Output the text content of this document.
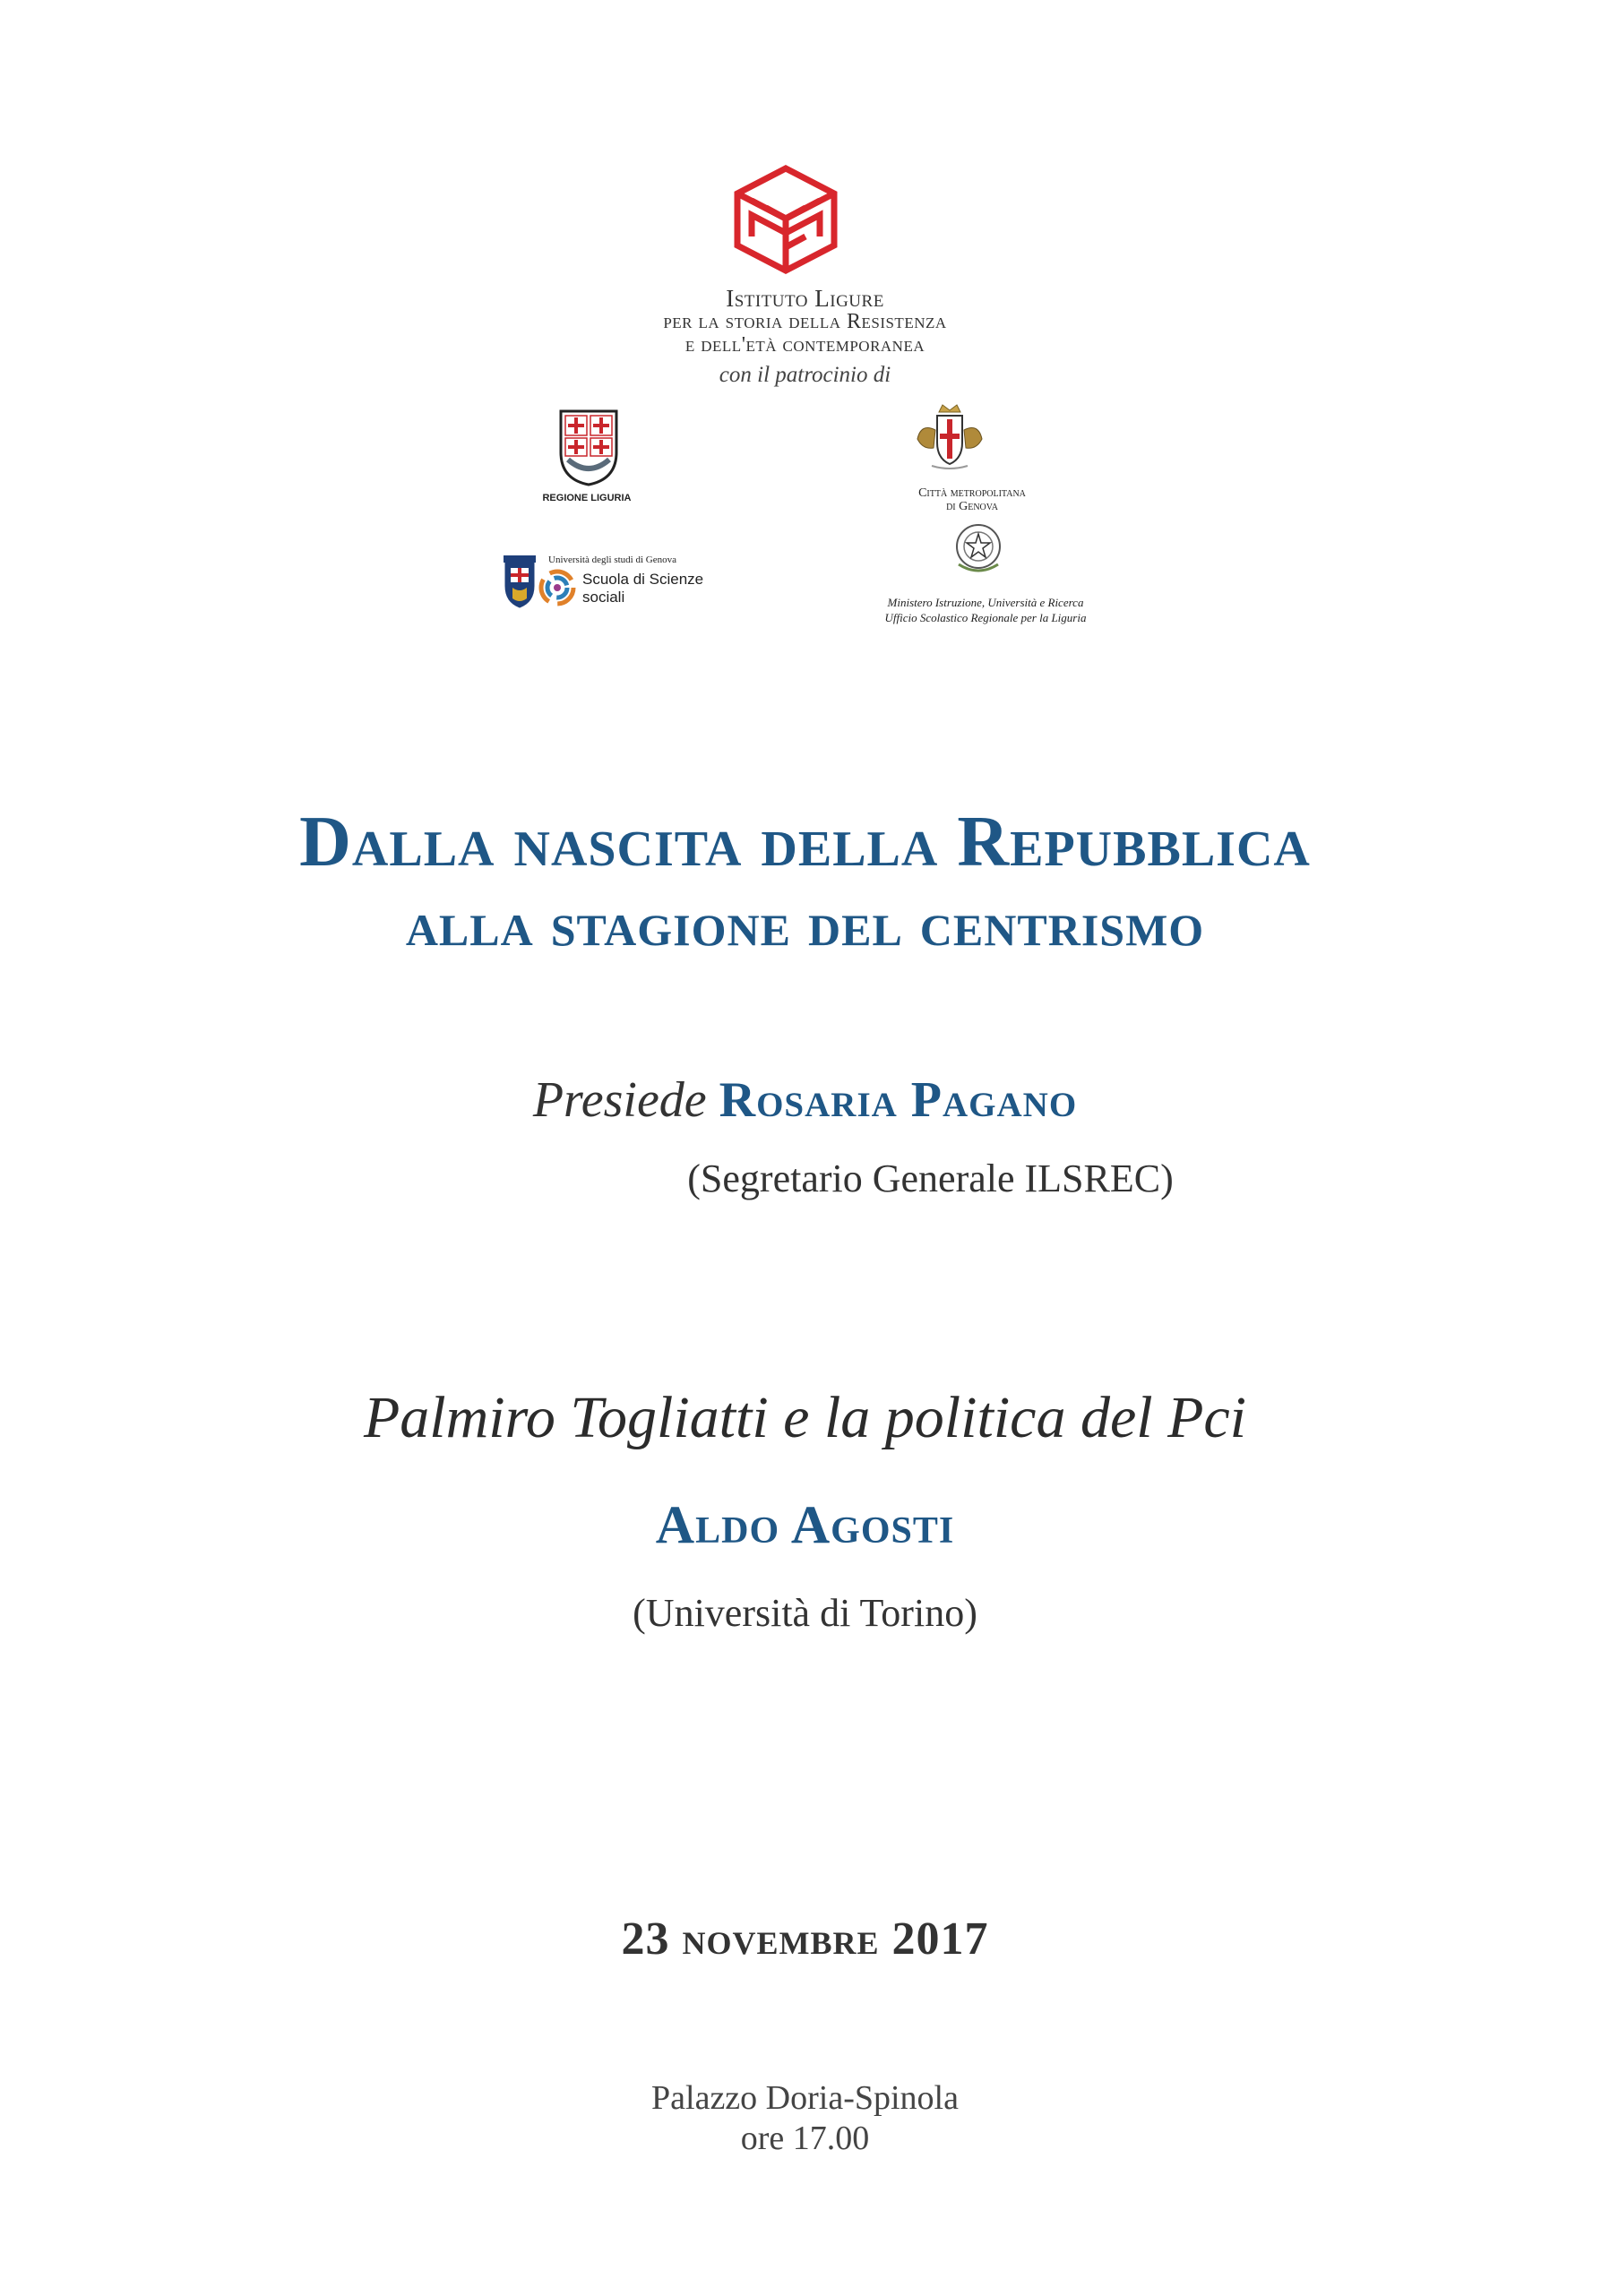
Istituto Ligure
per la storia della Resistenza
e dell'età contemporanea
con il patrocinio di
REGIONE LIGURIA	Città metropolitana
di Genova
Ministero Istruzione, Università e Ricerca
Ufficio Scolastico Regionale per la Liguria
Università degli studi di Genova
Scuola di Scienze sociali
Dalla nascita della Repubblica
alla stagione del centrismo
Presiede Rosaria Pagano
(Segretario Generale ILSREC)
Palmiro Togliatti e la politica del Pci
Aldo Agosti
(Università di Torino)
23 novembre 2017
Palazzo Doria-Spinola
ore 17.00
